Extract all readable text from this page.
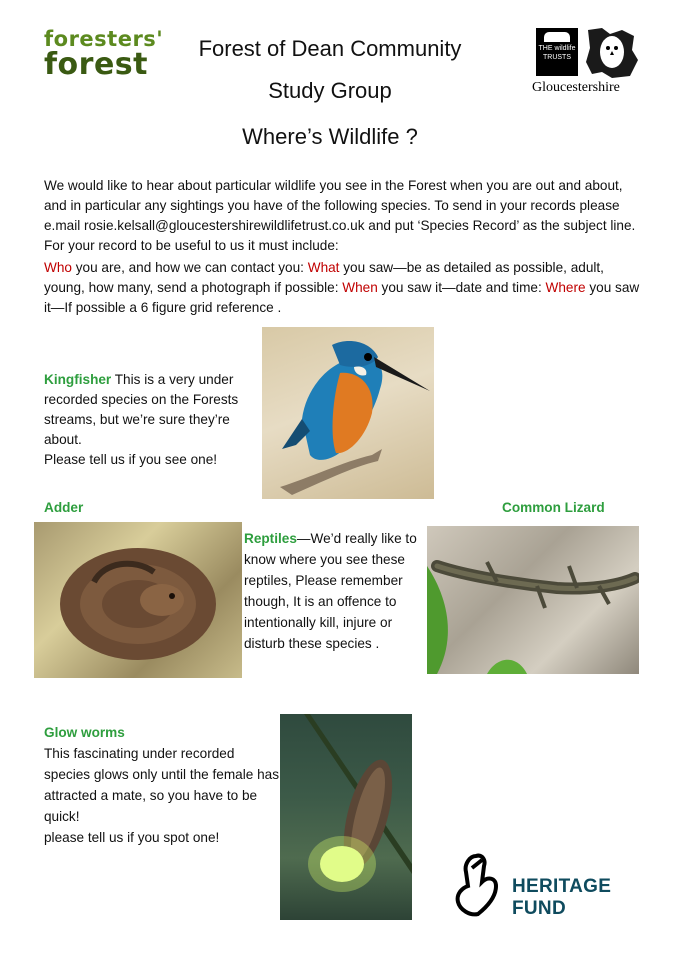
foresters'
forest	Forest of Dean Community
Study Group
Where’s Wildlife ?
THE wildlife TRUSTS
Gloucestershire
We would like to hear about particular wildlife you see in the Forest when you are out and about, and in particular any sightings you have of the following species. To send in your records please e.mail rosie.kelsall@gloucestershirewildlifetrust.co.uk and put ‘Species Record’ as the subject line. For your record to be useful to us it must include:
Who you are, and how we can contact you: What you saw—be as detailed as possible, adult, young, how many, send a photograph if possible: When you saw it—date and time: Where you saw it—If possible a 6 figure grid reference .
Kingfisher This is a very under recorded species on the Forests streams, but we’re sure they’re about.
Please tell us if you see one!
Adder	Common Lizard
Reptiles—We’d really like to know where you see these reptiles, Please remember though, It is an offence to intentionally kill, injure or disturb these species .
Glow worms
This fascinating under recorded species glows only until the female has attracted a mate, so you have to be quick!
please tell us if you spot one!
HERITAGE
FUND
